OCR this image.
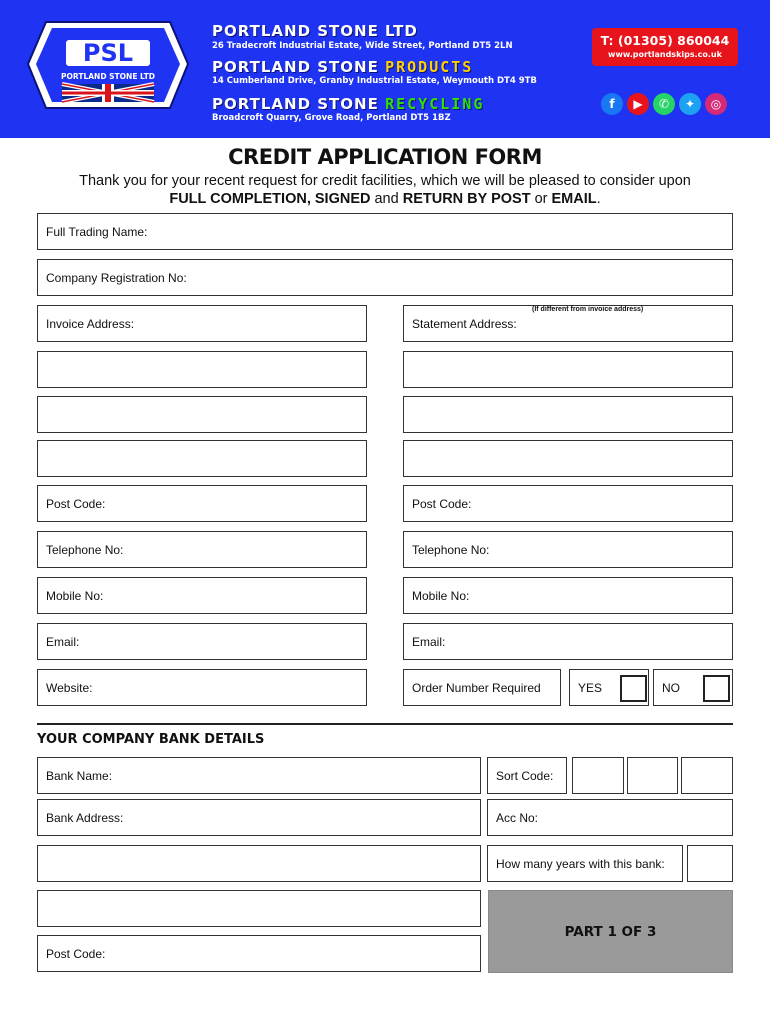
PSL
PORTLAND STONE LTD
PORTLAND STONE LTD
26 Tradecroft Industrial Estate, Wide Street, Portland DT5 2LN
PORTLAND STONE PRODUCTS
14 Cumberland Drive, Granby Industrial Estate, Weymouth DT4 9TB
PORTLAND STONE RECYCLING
Broadcroft Quarry, Grove Road, Portland DT5 1BZ
T: (01305) 860044
www.portlandskips.co.uk
f	▶	✆	✦	◎
CREDIT APPLICATION FORM
Thank you for your recent request for credit facilities, which we will be pleased to consider upon
FULL COMPLETION, SIGNED and RETURN BY POST or EMAIL.
Full Trading Name:
Company Registration No:
Invoice Address:	Statement Address:
(If different from invoice address)
Post Code:	Post Code:
Telephone No:	Telephone No:
Mobile No:	Mobile No:
Email:	Email:
Website:	Order Number Required	YES	NO
YOUR COMPANY BANK DETAILS
Bank Name:	Sort Code:
Bank Address:	Acc No:
How many years with this bank:
Post Code:
PART 1 OF 3
